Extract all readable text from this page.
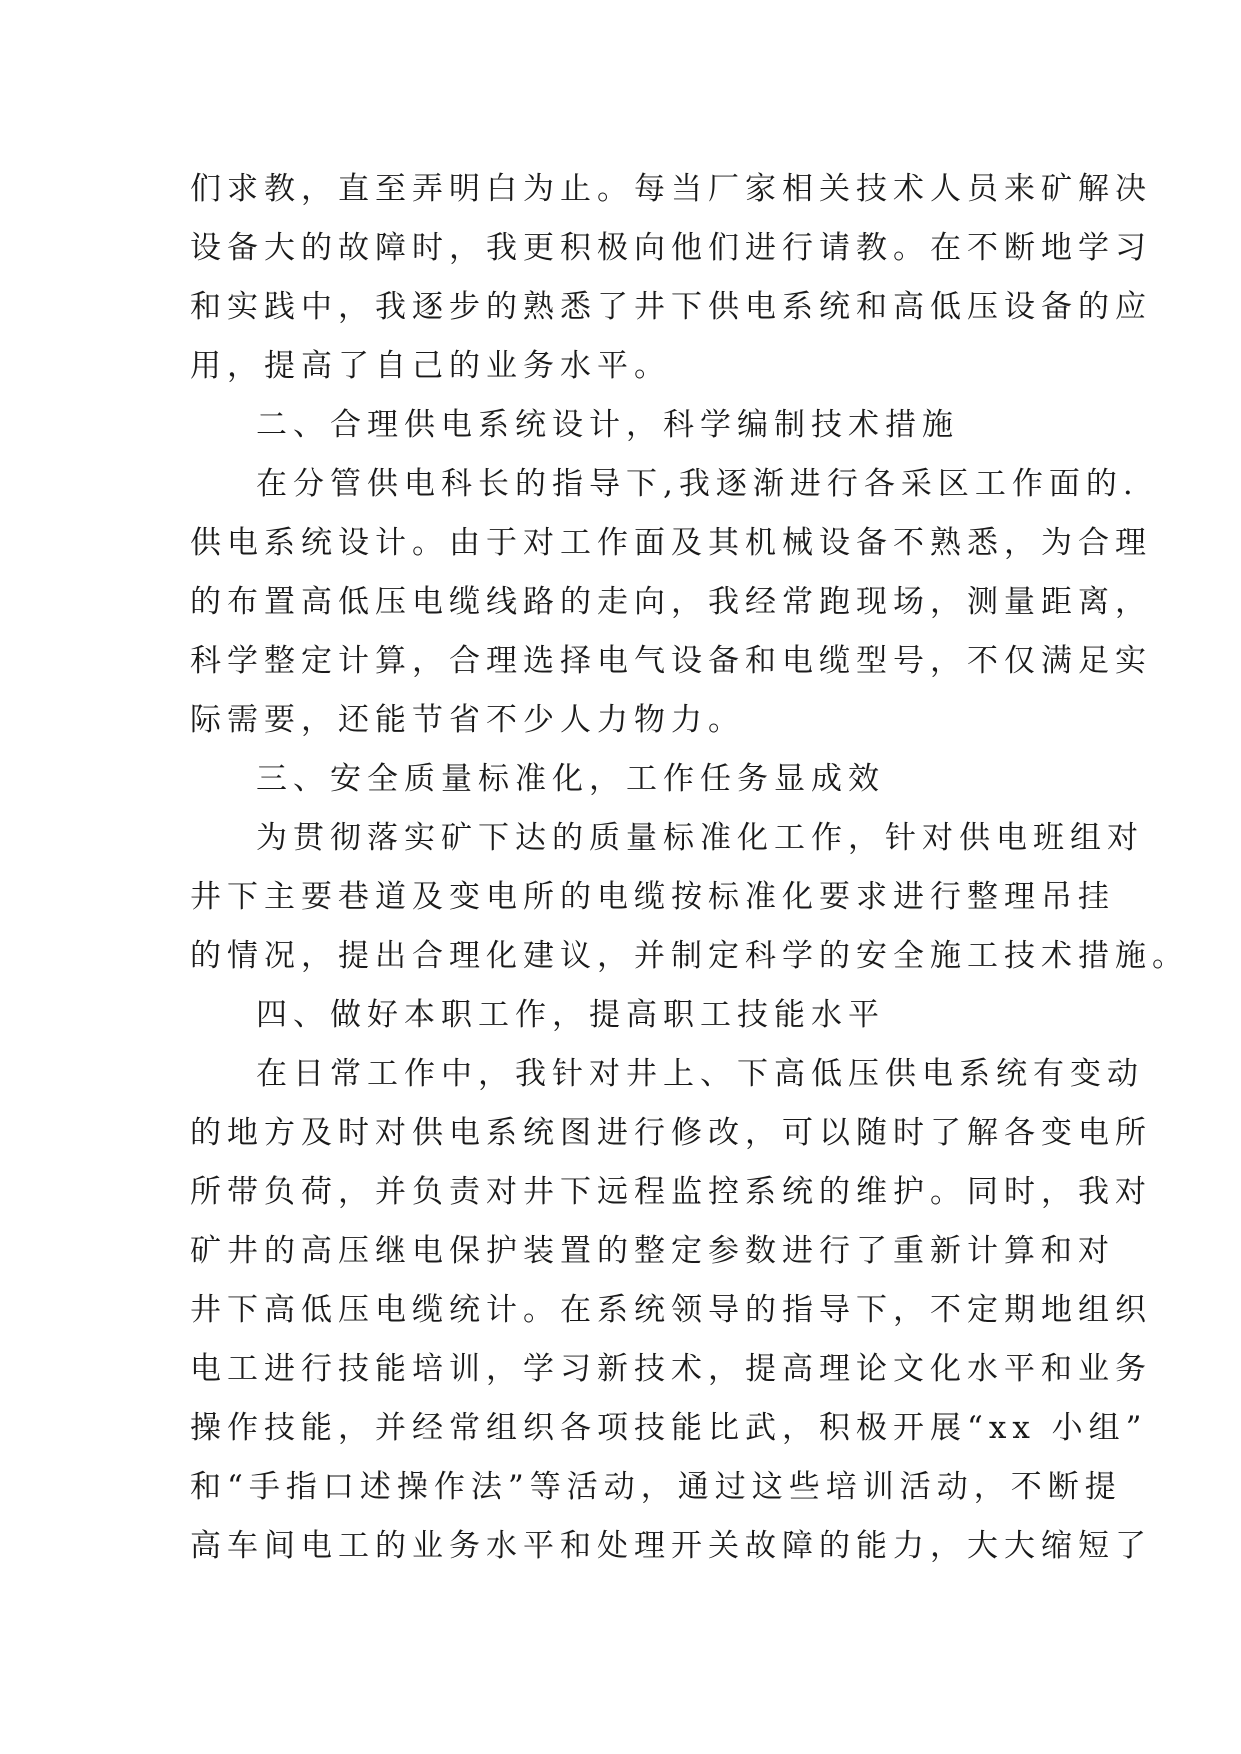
们求教，直至弄明白为止。每当厂家相关技术人员来矿解决
设备大的故障时，我更积极向他们进行请教。在不断地学习
和实践中，我逐步的熟悉了井下供电系统和高低压设备的应
用，提高了自己的业务水平。
二、合理供电系统设计，科学编制技术措施
在分管供电科长的指导下,我逐渐进行各采区工作面的.
供电系统设计。由于对工作面及其机械设备不熟悉，为合理
的布置高低压电缆线路的走向，我经常跑现场，测量距离，
科学整定计算，合理选择电气设备和电缆型号，不仅满足实
际需要，还能节省不少人力物力。
三、安全质量标准化，工作任务显成效
为贯彻落实矿下达的质量标准化工作，针对供电班组对
井下主要巷道及变电所的电缆按标准化要求进行整理吊挂
的情况，提出合理化建议，并制定科学的安全施工技术措施。
四、做好本职工作，提高职工技能水平
在日常工作中，我针对井上、下高低压供电系统有变动
的地方及时对供电系统图进行修改，可以随时了解各变电所
所带负荷，并负责对井下远程监控系统的维护。同时，我对
矿井的高压继电保护装置的整定参数进行了重新计算和对
井下高低压电缆统计。在系统领导的指导下，不定期地组织
电工进行技能培训，学习新技术，提高理论文化水平和业务
操作技能，并经常组织各项技能比武，积极开展“xx 小组”
和“手指口述操作法”等活动，通过这些培训活动，不断提
高车间电工的业务水平和处理开关故障的能力，大大缩短了
